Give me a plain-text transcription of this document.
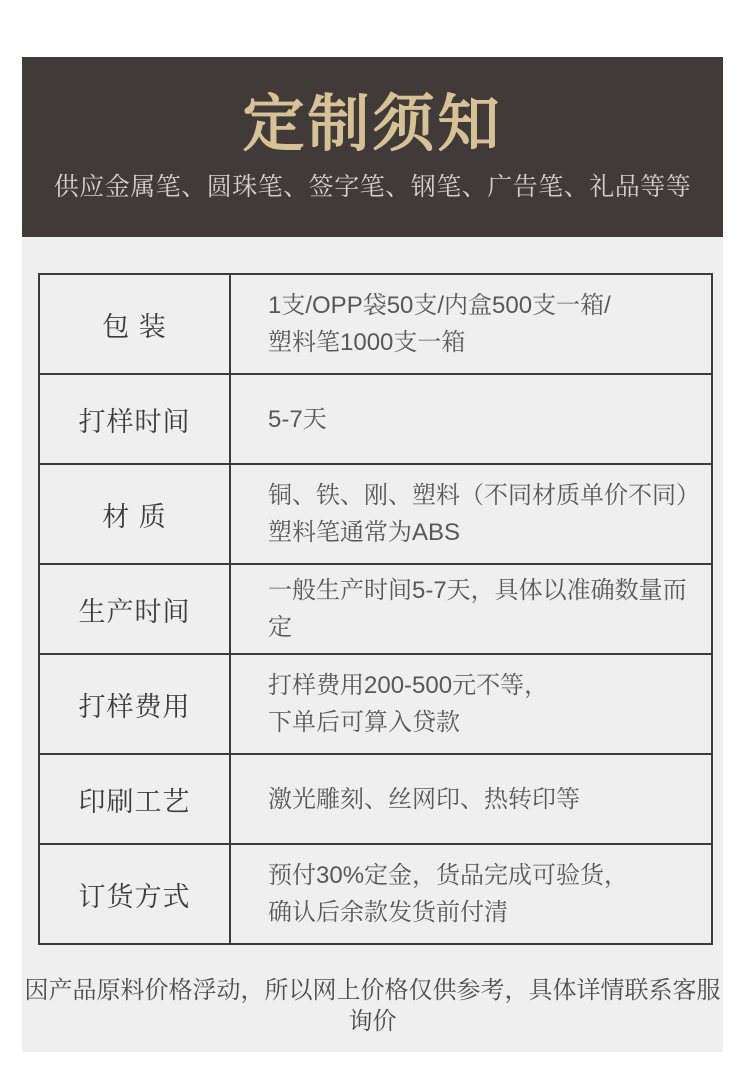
定制须知
供应金属笔、圆珠笔、签字笔、钢笔、广告笔、礼品等等
包 装	1支/OPP袋50支/内盒500支一箱/
塑料笔1000支一箱

打样时间	5-7天

材 质	铜、铁、刚、塑料（不同材质单价不同）
塑料笔通常为ABS

生产时间	一般生产时间5-7天，具体以准确数量而定

打样费用	打样费用200-500元不等，
下单后可算入贷款

印刷工艺	激光雕刻、丝网印、热转印等

订货方式	预付30%定金，货品完成可验货，
确认后余款发货前付清
因产品原料价格浮动，所以网上价格仅供参考，具体详情联系客服询价
